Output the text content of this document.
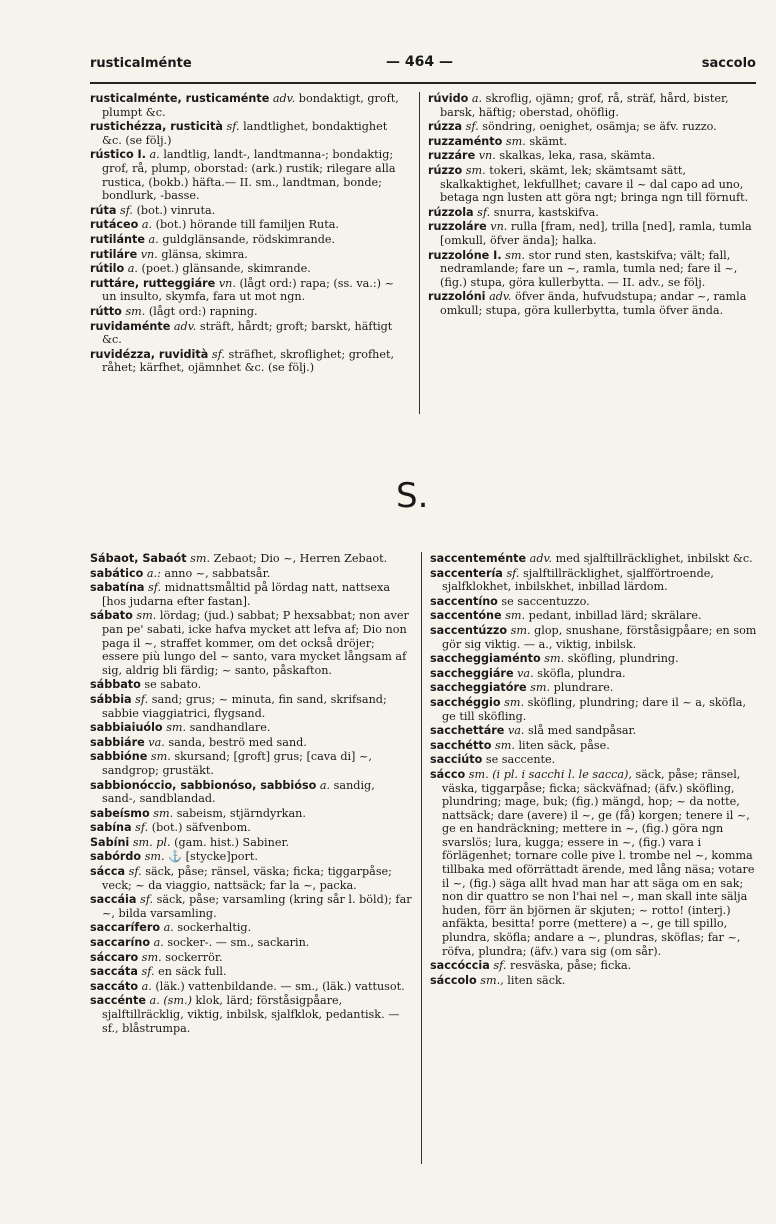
rusticalménte	— 464 —	saccolo
rusticalménte, rusticaménte adv. bondaktigt, groft, plumpt &c.
rustichézza, rusticità sf. landtlighet, bondaktighet &c. (se följ.)
rústico I. a. landtlig, landt-, landtmanna-; bondaktig; grof, rå, plump, oborstad: (ark.) rustik; rilegare alla rustica, (bokb.) häfta.— II. sm., landtman, bonde; bondlurk, -basse.
rúta sf. (bot.) vinruta.
rutáceo a. (bot.) hörande till familjen Ruta.
rutilánte a. guldglänsande, rödskimrande.
rutiláre vn. glänsa, skimra.
rútilo a. (poet.) glänsande, skimrande.
ruttáre, rutteggiáre vn. (lågt ord:) rapa; (ss. va.:) ~ un insulto, skymfa, fara ut mot ngn.
rútto sm. (lågt ord:) rapning.
ruvidaménte adv. sträft, hårdt; groft; barskt, häftigt &c.
ruvidézza, ruvidità sf. sträfhet, skroflighet; grofhet, råhet; kärfhet, ojämnhet &c. (se följ.)
rúvido a. skroflig, ojämn; grof, rå, sträf, hård, bister, barsk, häftig; oberstad, ohöflig.
rúzza sf. söndring, oenighet, osämja; se äfv. ruzzo.
ruzzaménto sm. skämt.
ruzzáre vn. skalkas, leka, rasa, skämta.
rúzzo sm. tokeri, skämt, lek; skämtsamt sätt, skalkaktighet, lekfullhet; cavare il ~ dal capo ad uno, betaga ngn lusten att göra ngt; bringa ngn till förnuft.
rúzzola sf. snurra, kastskifva.
ruzzoláre vn. rulla [fram, ned], trilla [ned], ramla, tumla [omkull, öfver ända]; halka.
ruzzolóne I. sm. stor rund sten, kastskifva; vält; fall, nedramlande; fare un ~, ramla, tumla ned; fare il ~, (fig.) stupa, göra kullerbytta. — II. adv., se följ.
ruzzolóni adv. öfver ända, hufvudstupa; andar ~, ramla omkull; stupa, göra kullerbytta, tumla öfver ända.
S.
Sábaot, Sabaót sm. Zebaot; Dio ~, Herren Zebaot.
sabático a.: anno ~, sabbatsår.
sabatína sf. midnattsmåltid på lördag natt, nattsexa [hos judarna efter fastan].
sábato sm. lördag; (jud.) sabbat; P hexsabbat; non aver pan pe' sabati, icke hafva mycket att lefva af; Dio non paga il ~, straffet kommer, om det också dröjer; essere più lungo del ~ santo, vara mycket långsam af sig, aldrig bli färdig; ~ santo, påskafton.
sábbato se sabato.
sábbia sf. sand; grus; ~ minuta, fin sand, skrifsand; sabbie viaggiatrici, flygsand.
sabbiaiuólo sm. sandhandlare.
sabbiáre va. sanda, beströ med sand.
sabbióne sm. skursand; [groft] grus; [cava di] ~, sandgrop; grustäkt.
sabbionóccio, sabbionóso, sabbióso a. sandig, sand-, sandblandad.
sabeísmo sm. sabeism, stjärndyrkan.
sabína sf. (bot.) säfvenbom.
Sabíni sm. pl. (gam. hist.) Sabiner.
sabórdo sm. ⚓ [stycke]port.
sácca sf. säck, påse; ränsel, väska; ficka; tiggarpåse; veck; ~ da viaggio, nattsäck; far la ~, packa.
saccáia sf. säck, påse; varsamling (kring sår l. böld); far ~, bilda varsamling.
saccarífero a. sockerhaltig.
saccaríno a. socker-. — sm., sackarin.
sáccaro sm. sockerrör.
saccáta sf. en säck full.
saccáto a. (läk.) vattenbildande. — sm., (läk.) vattusot.
saccénte a. (sm.) klok, lärd; förståsigpåare, sjalftillräcklig, viktig, inbilsk, sjalfklok, pedantisk. — sf., blåstrumpa.
saccenteménte adv. med sjalftillräcklighet, inbilskt &c.
saccentería sf. sjalftillräcklighet, sjalfförtroende, sjalfklokhet, inbilskhet, inbillad lärdom.
saccentíno se saccentuzzo.
saccentóne sm. pedant, inbillad lärd; skrälare.
saccentúzzo sm. glop, snushane, förståsigpåare; en som gör sig viktig. — a., viktig, inbilsk.
saccheggiaménto sm. sköfling, plundring.
saccheggiáre va. sköfla, plundra.
saccheggiatóre sm. plundrare.
sacchéggio sm. sköfling, plundring; dare il ~ a, sköfla, ge till sköfling.
sacchettáre va. slå med sandpåsar.
sacchétto sm. liten säck, påse.
sacciúto se saccente.
sácco sm. (i pl. i sacchi l. le sacca), säck, påse; ränsel, väska, tiggarpåse; ficka; säckväfnad; (äfv.) sköfling, plundring; mage, buk; (fig.) mängd, hop; ~ da notte, nattsäck; dare (avere) il ~, ge (få) korgen; tenere il ~, ge en handräckning; mettere in ~, (fig.) göra ngn svarslös; lura, kugga; essere in ~, (fig.) vara i förlägenhet; tornare colle pive l. trombe nel ~, komma tillbaka med oförrättadt ärende, med lång näsa; votare il ~, (fig.) säga allt hvad man har att säga om en sak; non dir quattro se non l'hai nel ~, man skall inte sälja huden, förr än björnen är skjuten; ~ rotto! (interj.) anfäkta, besitta! porre (mettere) a ~, ge till spillo, plundra, sköfla; andare a ~, plundras, sköflas; far ~, röfva, plundra; (äfv.) vara sig (om sår).
saccóccia sf. resväska, påse; ficka.
sáccolo sm., liten säck.
